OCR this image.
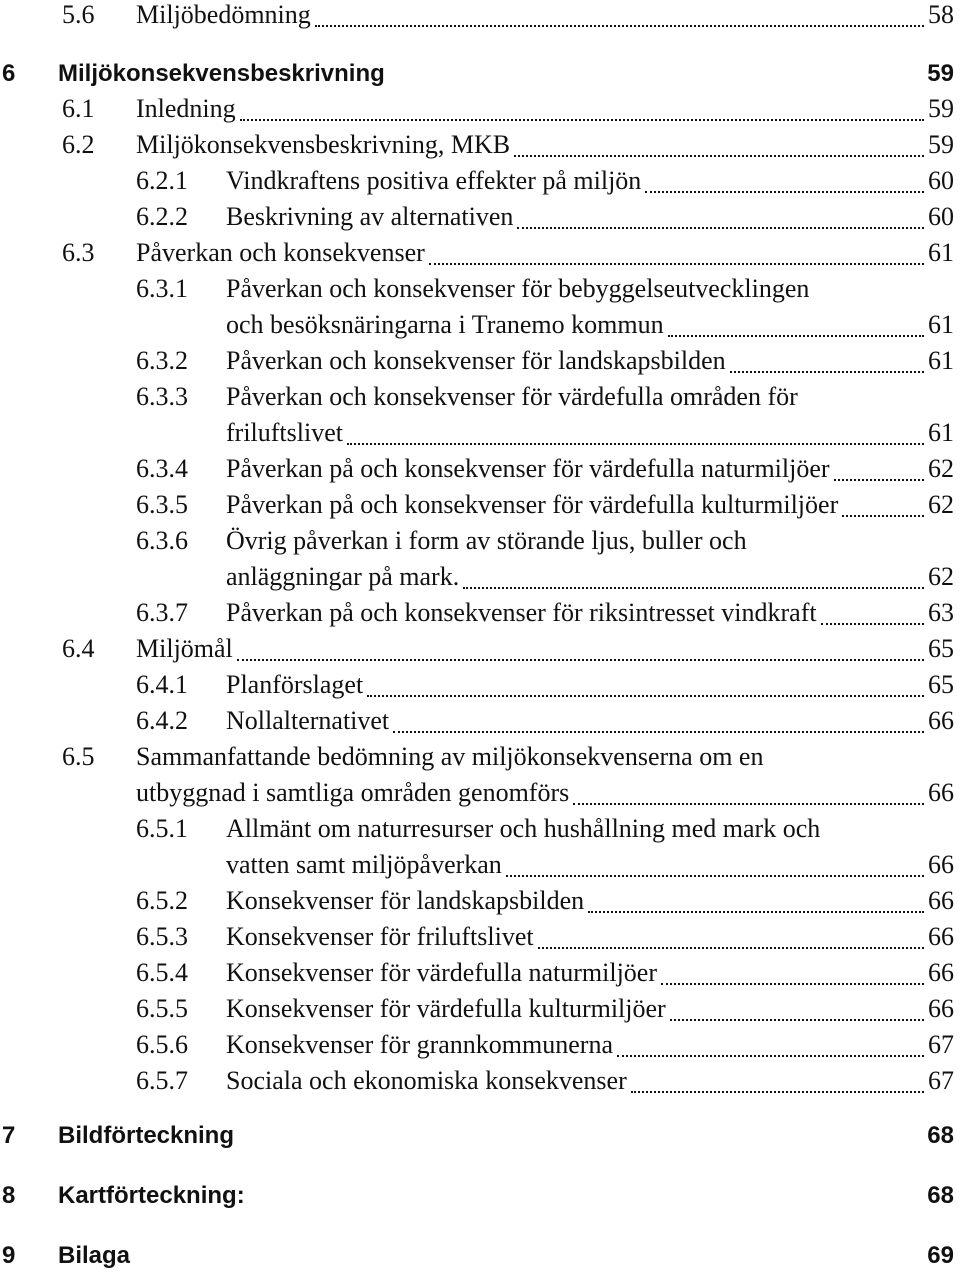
5.6 Miljöbedömning	58
6 Miljökonsekvensbeskrivning	59
6.1 Inledning	59
6.2 Miljökonsekvensbeskrivning, MKB	59
6.2.1 Vindkraftens positiva effekter på miljön	60
6.2.2 Beskrivning av alternativen	60
6.3 Påverkan och konsekvenser	61
6.3.1 Påverkan och konsekvenser för bebyggelseutvecklingen
och besöksnäringarna i Tranemo kommun	61
6.3.2 Påverkan och konsekvenser för landskapsbilden	61
6.3.3 Påverkan och konsekvenser för värdefulla områden för
friluftslivet	61
6.3.4 Påverkan på och konsekvenser för värdefulla naturmiljöer	62
6.3.5 Påverkan på och konsekvenser för värdefulla kulturmiljöer	62
6.3.6 Övrig påverkan i form av störande ljus, buller och
anläggningar på mark.	62
6.3.7 Påverkan på och konsekvenser för riksintresset vindkraft	63
6.4 Miljömål	65
6.4.1 Planförslaget	65
6.4.2 Nollalternativet	66
6.5 Sammanfattande bedömning av miljökonsekvenserna om en
utbyggnad i samtliga områden genomförs	66
6.5.1 Allmänt om naturresurser och hushållning med mark och
vatten samt miljöpåverkan	66
6.5.2 Konsekvenser för landskapsbilden	66
6.5.3 Konsekvenser för friluftslivet	66
6.5.4 Konsekvenser för värdefulla naturmiljöer	66
6.5.5 Konsekvenser för värdefulla kulturmiljöer	66
6.5.6 Konsekvenser för grannkommunerna	67
6.5.7 Sociala och ekonomiska konsekvenser	67
7 Bildförteckning	68
8 Kartförteckning:	68
9 Bilaga	69
